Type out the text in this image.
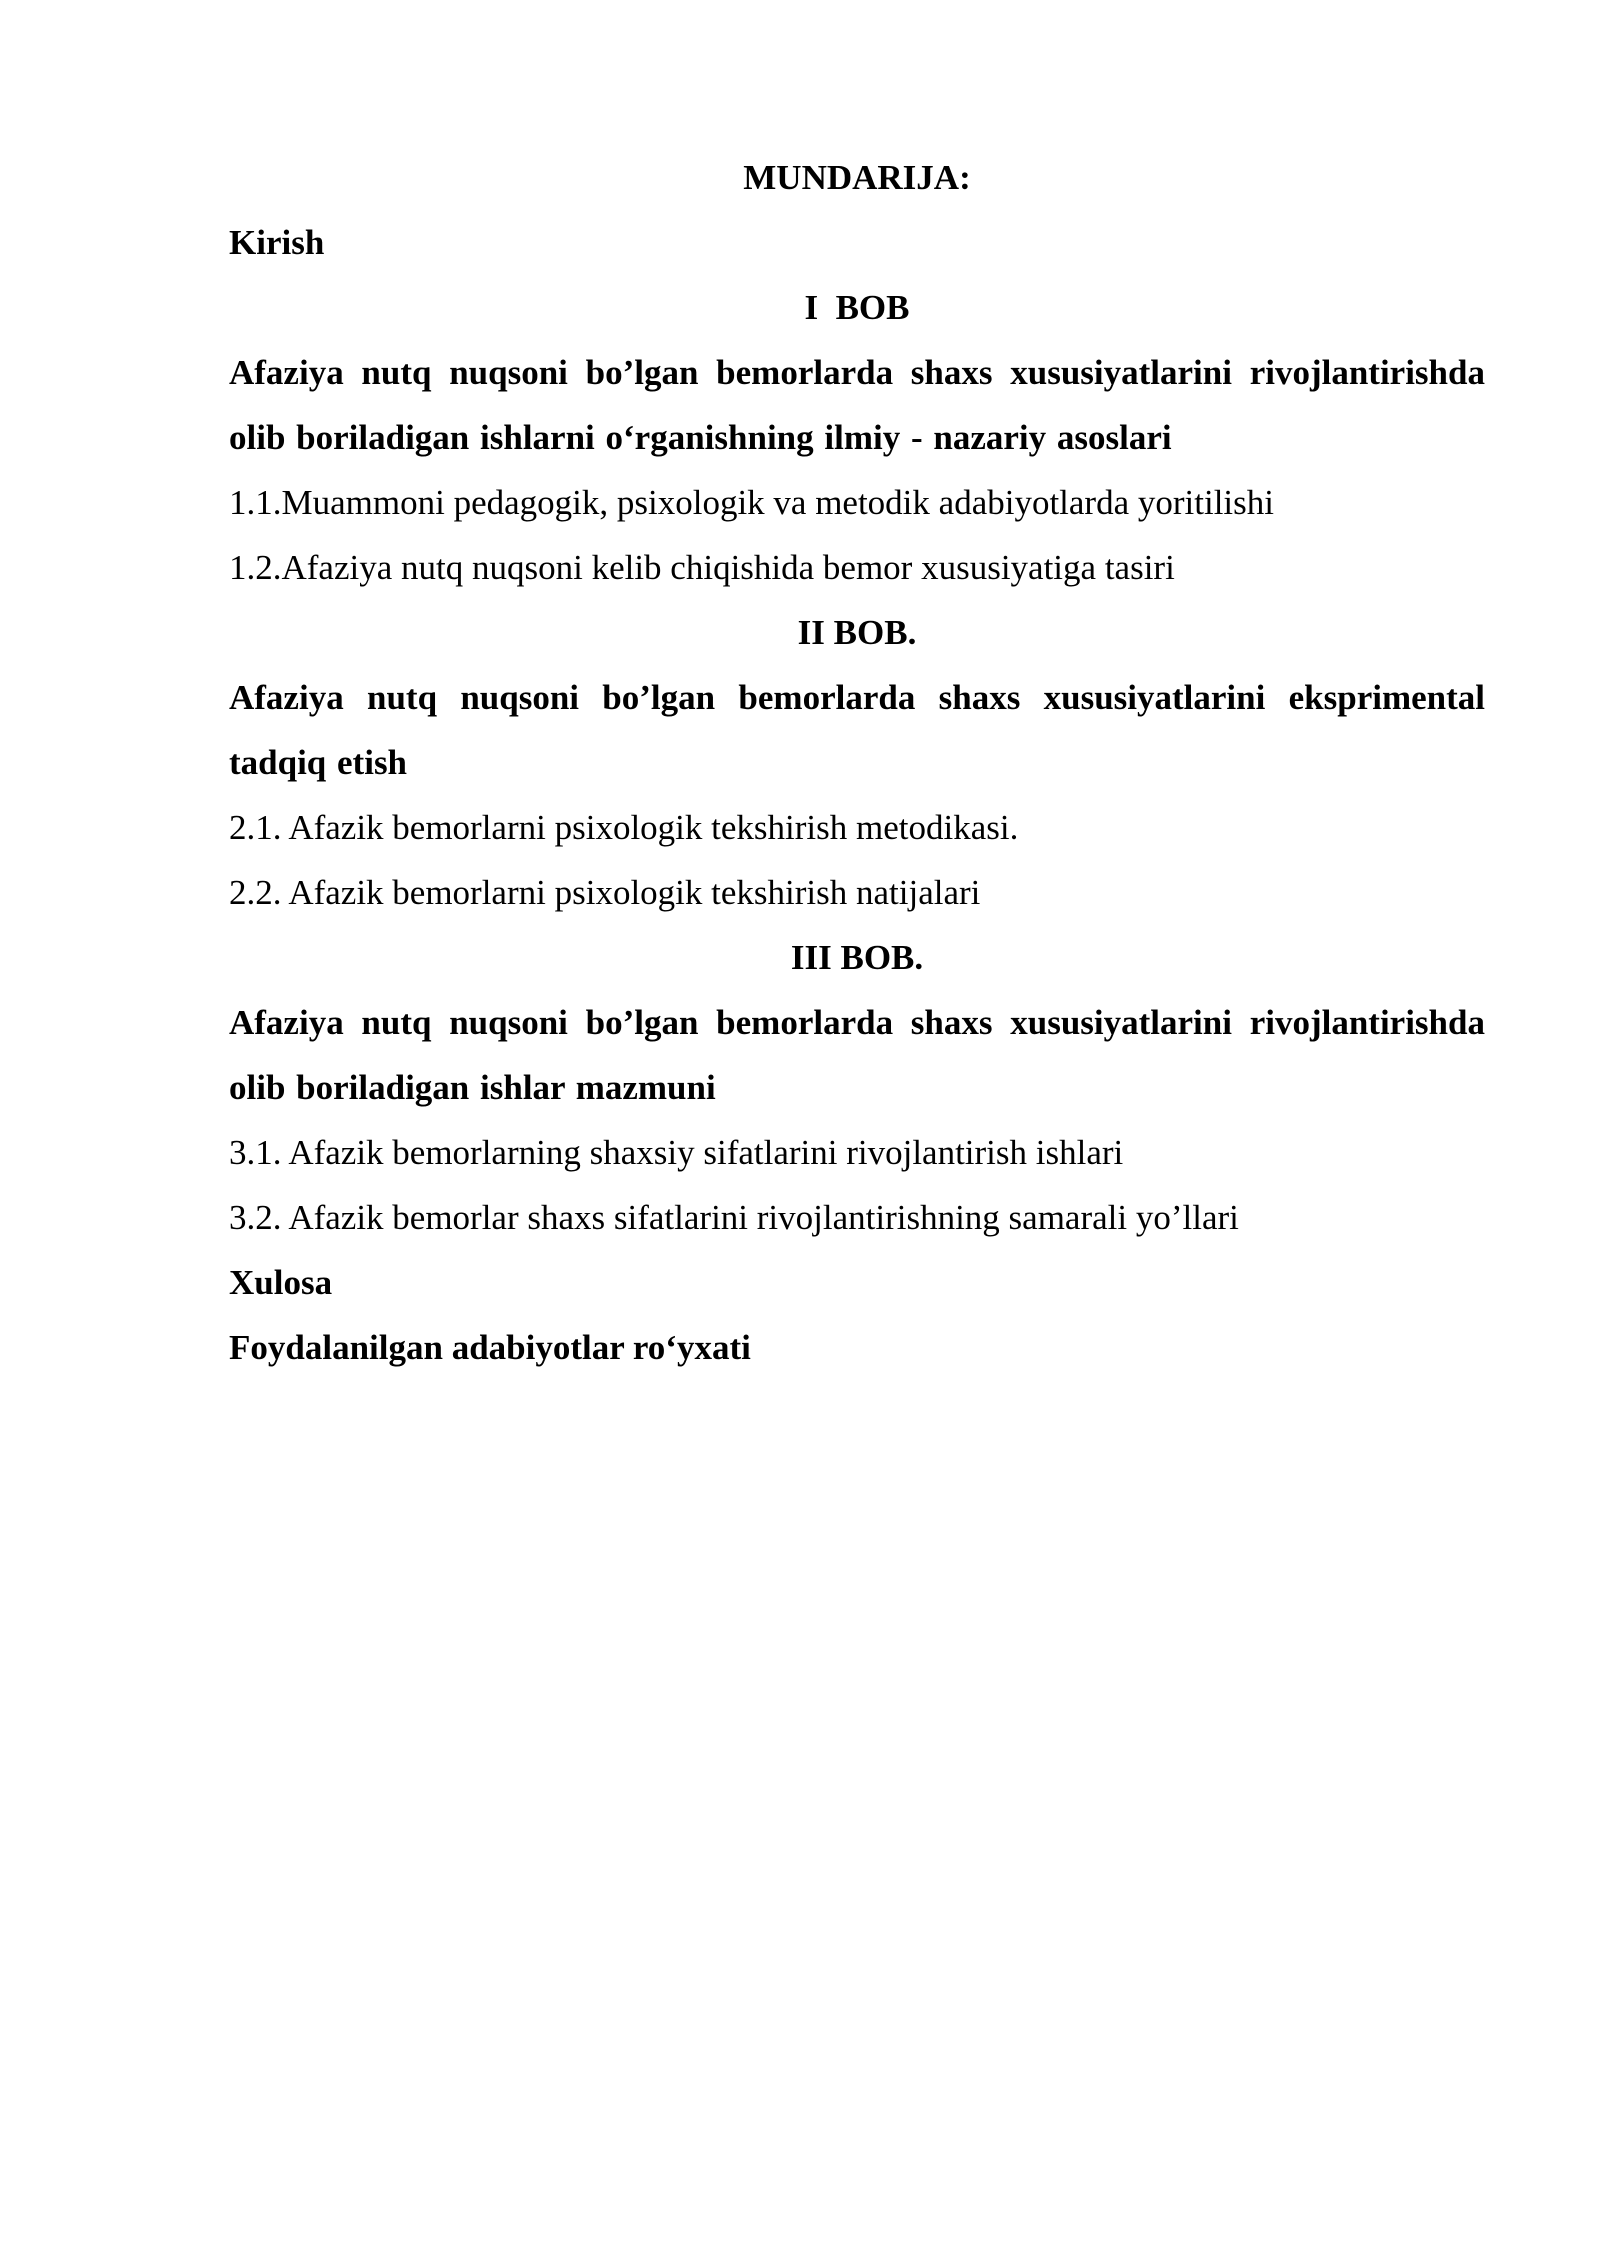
MUNDARIJA:

Kirish

I  BOB

Afaziya nutq nuqsoni bo’lgan bemorlarda shaxs xususiyatlarini rivojlantirishda olib boriladigan ishlarni o‘rganishning ilmiy - nazariy asoslari

1.1.Muammoni pedagogik, psixologik va metodik adabiyotlarda yoritilishi

1.2.Afaziya nutq nuqsoni kelib chiqishida bemor xususiyatiga tasiri

II BOB.

Afaziya nutq nuqsoni bo’lgan bemorlarda shaxs xususiyatlarini eksprimental tadqiq etish

2.1. Afazik bemorlarni psixologik tekshirish metodikasi.

2.2. Afazik bemorlarni psixologik tekshirish natijalari

III BOB.

Afaziya nutq nuqsoni bo’lgan bemorlarda shaxs xususiyatlarini rivojlantirishda olib boriladigan ishlar mazmuni

3.1. Afazik bemorlarning shaxsiy sifatlarini rivojlantirish ishlari

3.2. Afazik bemorlar shaxs sifatlarini rivojlantirishning samarali yo’llari

Xulosa

Foydalanilgan adabiyotlar ro‘yxati
